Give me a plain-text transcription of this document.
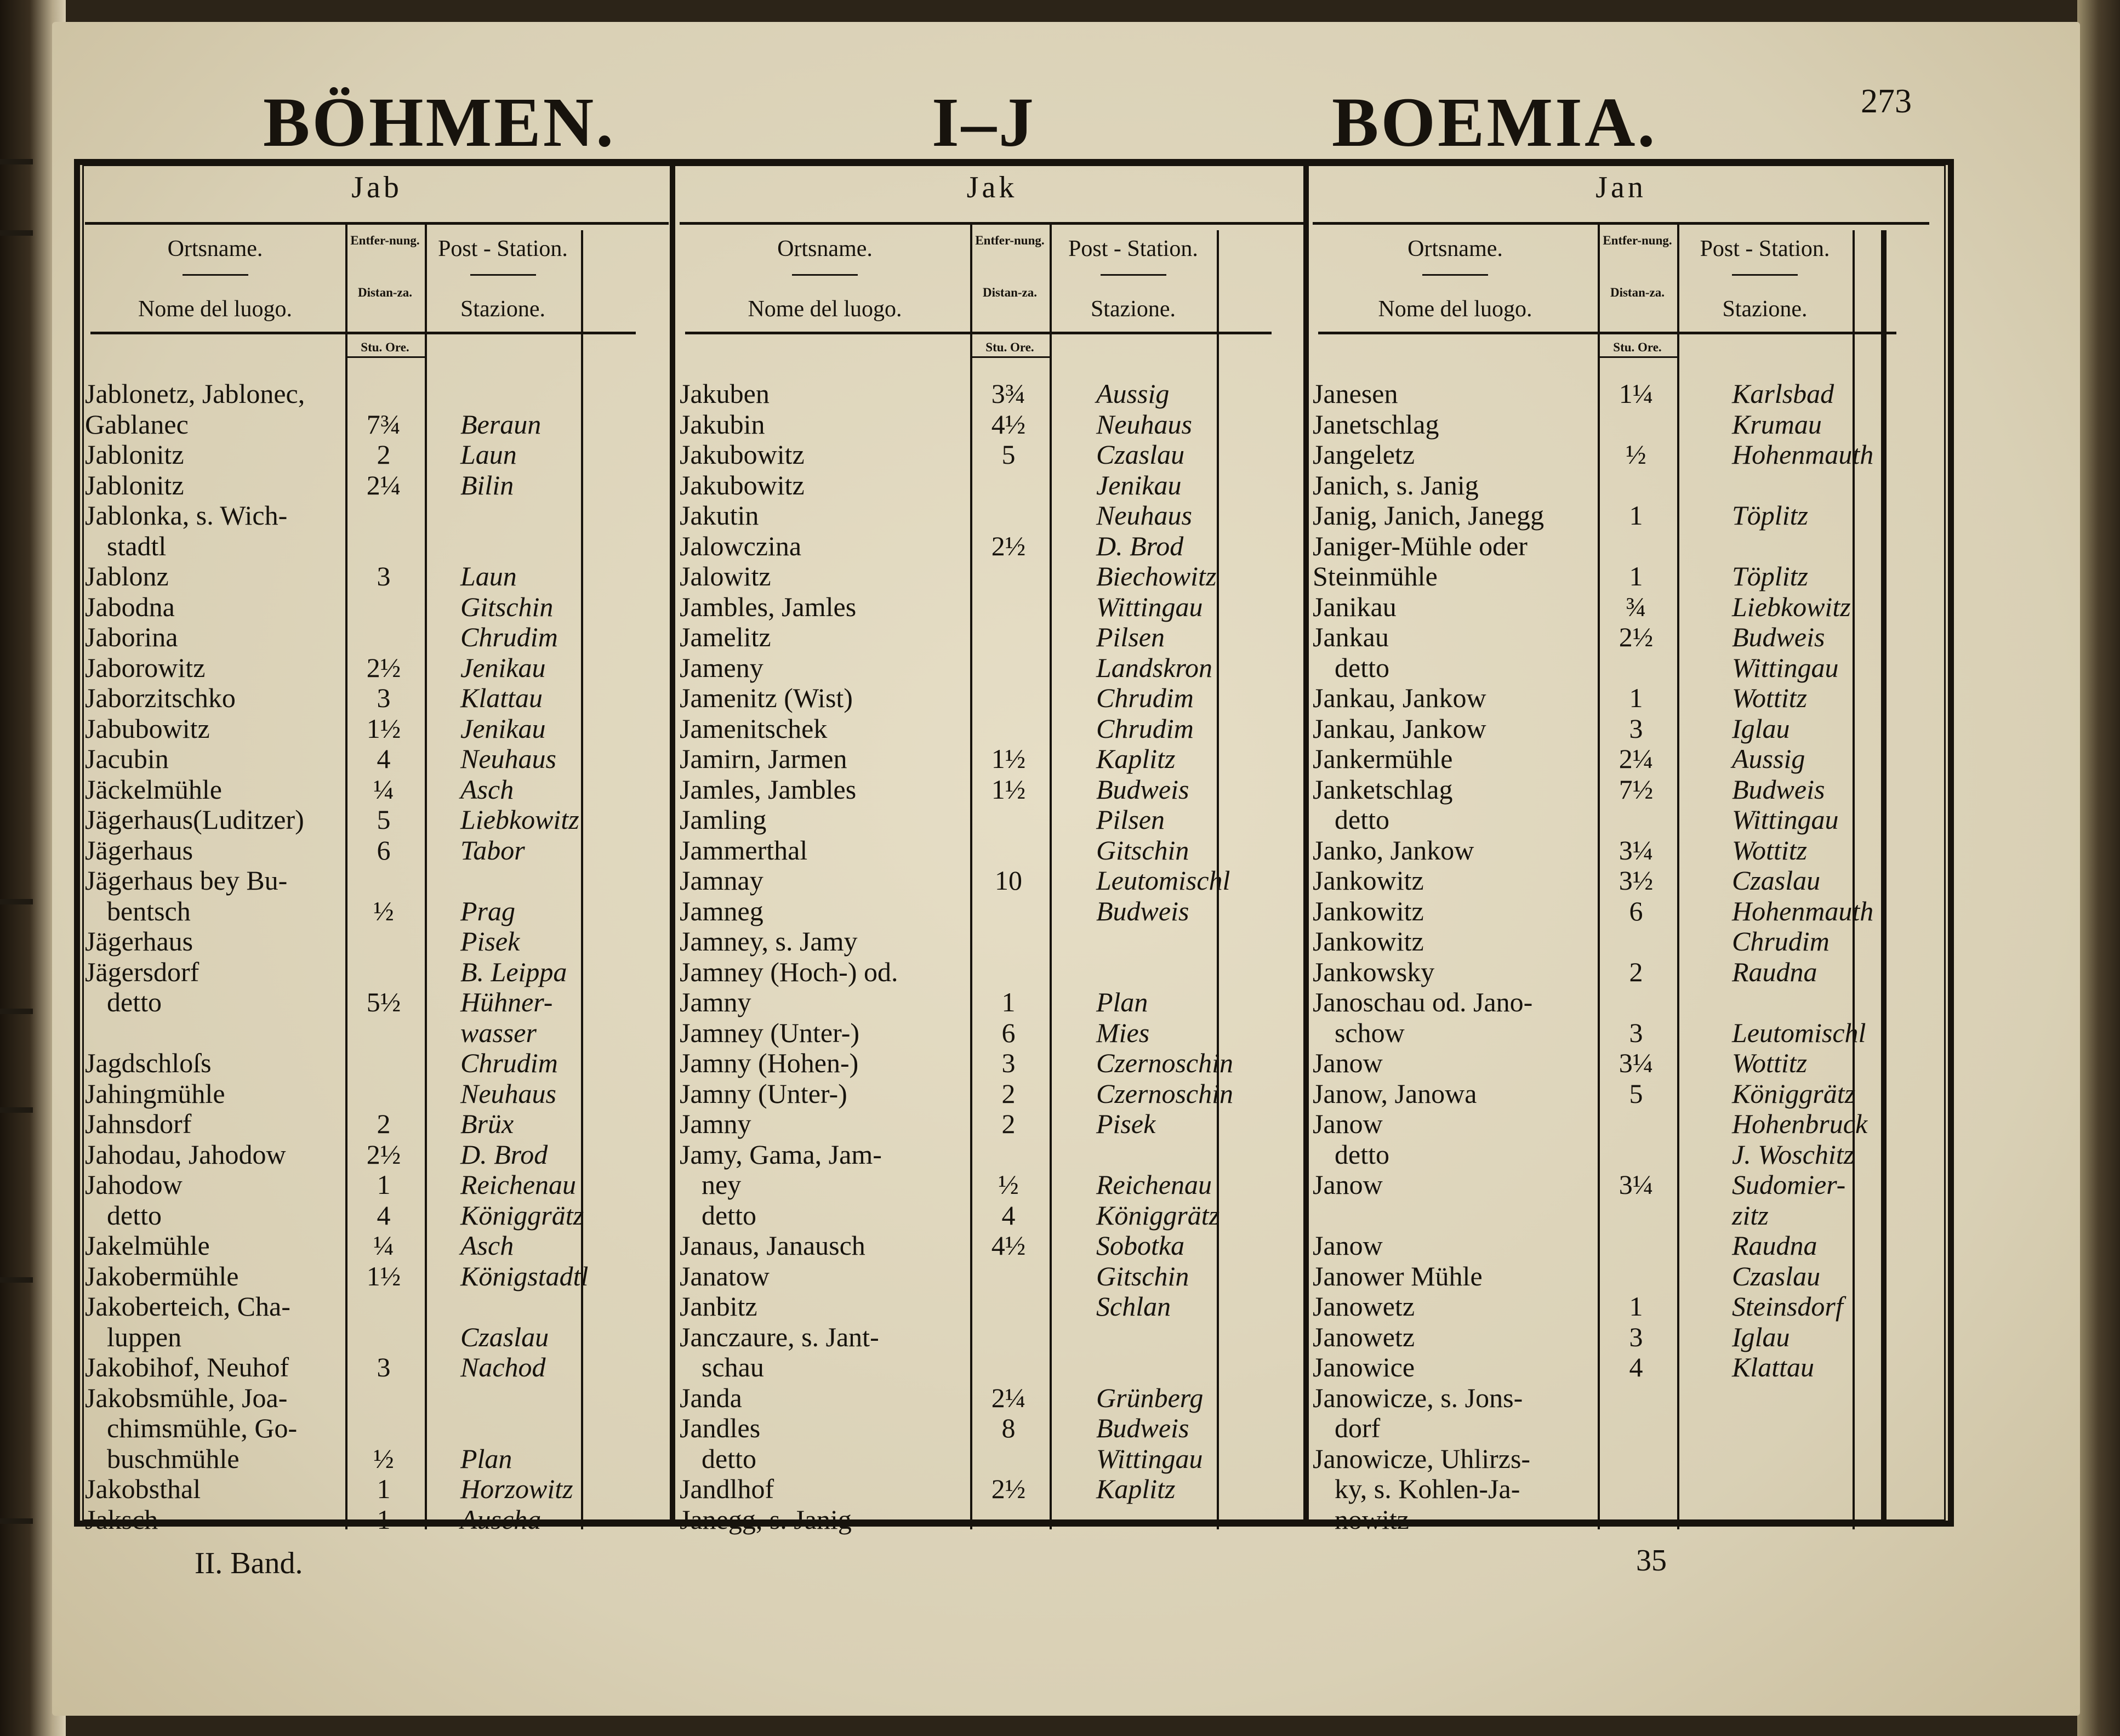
BÖHMEN.	I–J	BOEMIA.	273
Jab
Ortsname.
Nome del luogo.
Entfer-nung.
Distan-za.
Stu. Ore.
Post - Station.
Stazione.
Jablonetz, Jablonec,
Gablanec	7¾	Beraun
Jablonitz	2	Laun
Jablonitz	2¼	Bilin
Jablonka, s. Wich-
stadtl
Jablonz	3	Laun
Jabodna	Gitschin
Jaborina	Chrudim
Jaborowitz	2½	Jenikau
Jaborzitschko	3	Klattau
Jabubowitz	1½	Jenikau
Jacubin	4	Neuhaus
Jäckelmühle	¼	Asch
Jägerhaus(Luditzer)	5	Liebkowitz
Jägerhaus	6	Tabor
Jägerhaus bey Bu-
bentsch	½	Prag
Jägerhaus	Pisek
Jägersdorf	B. Leippa
detto	5½	Hühner-
wasser
Jagdschloſs	Chrudim
Jahingmühle	Neuhaus
Jahnsdorf	2	Brüx
Jahodau, Jahodow	2½	D. Brod
Jahodow	1	Reichenau
detto	4	Königgrätz
Jakelmühle	¼	Asch
Jakobermühle	1½	Königstadtl
Jakoberteich, Cha-
luppen	Czaslau
Jakobihof, Neuhof	3	Nachod
Jakobsmühle, Joa-
chimsmühle, Go-
buschmühle	½	Plan
Jakobsthal	1	Horzowitz
Jaksch	1	Auscha
Jak
Ortsname.
Nome del luogo.
Entfer-nung.
Distan-za.
Stu. Ore.
Post - Station.
Stazione.
Jakuben	3¾	Aussig
Jakubin	4½	Neuhaus
Jakubowitz	5	Czaslau
Jakubowitz	Jenikau
Jakutin	Neuhaus
Jalowczina	2½	D. Brod
Jalowitz	Biechowitz
Jambles, Jamles	Wittingau
Jamelitz	Pilsen
Jameny	Landskron
Jamenitz (Wist)	Chrudim
Jamenitschek	Chrudim
Jamirn, Jarmen	1½	Kaplitz
Jamles, Jambles	1½	Budweis
Jamling	Pilsen
Jammerthal	Gitschin
Jamnay	10	Leutomischl
Jamneg	Budweis
Jamney, s. Jamy
Jamney (Hoch-) od.
Jamny	1	Plan
Jamney (Unter-)	6	Mies
Jamny (Hohen-)	3	Czernoschin
Jamny (Unter-)	2	Czernoschin
Jamny	2	Pisek
Jamy, Gama, Jam-
ney	½	Reichenau
detto	4	Königgrätz
Janaus, Janausch	4½	Sobotka
Janatow	Gitschin
Janbitz	Schlan
Janczaure, s. Jant-
schau
Janda	2¼	Grünberg
Jandles	8	Budweis
detto	Wittingau
Jandlhof	2½	Kaplitz
Janegg, s. Janig
Jan
Ortsname.
Nome del luogo.
Entfer-nung.
Distan-za.
Stu. Ore.
Post - Station.
Stazione.
Janesen	1¼	Karlsbad
Janetschlag	Krumau
Jangeletz	½	Hohenmauth
Janich, s. Janig
Janig, Janich, Janegg	1	Töplitz
Janiger-Mühle oder
Steinmühle	1	Töplitz
Janikau	¾	Liebkowitz
Jankau	2½	Budweis
detto	Wittingau
Jankau, Jankow	1	Wottitz
Jankau, Jankow	3	Iglau
Jankermühle	2¼	Aussig
Janketschlag	7½	Budweis
detto	Wittingau
Janko, Jankow	3¼	Wottitz
Jankowitz	3½	Czaslau
Jankowitz	6	Hohenmauth
Jankowitz	Chrudim
Jankowsky	2	Raudna
Janoschau od. Jano-
schow	3	Leutomischl
Janow	3¼	Wottitz
Janow, Janowa	5	Königgrätz
Janow	Hohenbruck
detto	J. Woschitz
Janow	3¼	Sudomier-
zitz
Janow	Raudna
Janower Mühle	Czaslau
Janowetz	1	Steinsdorf
Janowetz	3	Iglau
Janowice	4	Klattau
Janowicze, s. Jons-
dorf
Janowicze, Uhlirzs-
ky, s. Kohlen-Ja-
nowitz
II. Band.	35
